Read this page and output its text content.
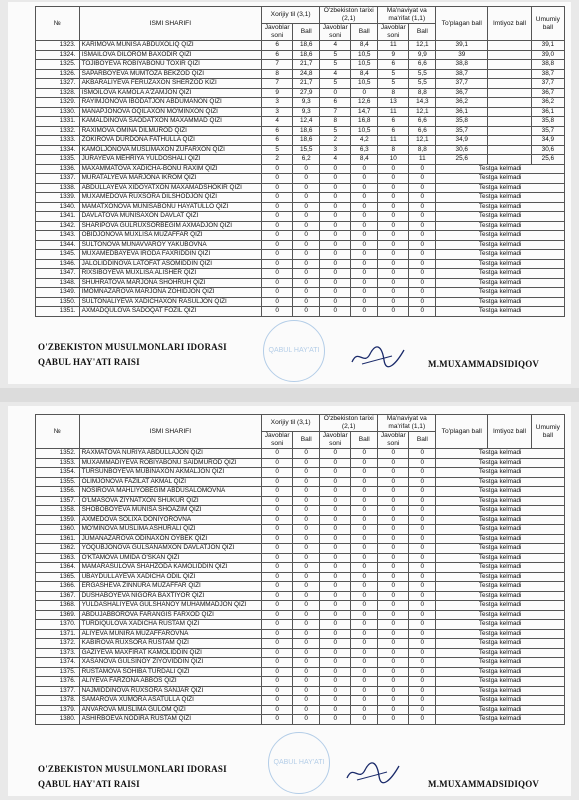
№	ISMI SHARIFI	Xorijiy til (3,1)		O'zbekiston tarixi (2,1)		Ma'naviyat va ma'rifat (1,1)		To'plagan ball	Imtiyoz ball	Umumiy ball
		Javoblar soni	Ball	Javoblar soni	Ball	Javoblar soni	Ball			
1323.	KARIMOVA MUNISA ABDUXOLIQ QIZI	6	18,6	4	8,4	11	12,1	39,1		39,1
1324.	ISMAILOVA DILOROM BAXODIR QIZI	6	18,6	5	10,5	9	9,9	39		39,0
1325.	TOJIBOYEVA ROBIYABONU TOXIR QIZI	7	21,7	5	10,5	6	6,6	38,8		38,8
1326.	SAPARBOYEVA MUMTOZA BEKZOD QIZI	8	24,8	4	8,4	5	5,5	38,7		38,7
1327.	AKBARALIYEVA FERUZAXON SHERZOD KIZI	7	21,7	5	10,5	5	5,5	37,7		37,7
1328.	ISMOILOVA KAMOLA A'ZAMJON QIZI	9	27,9	0	0	8	8,8	36,7		36,7
1329.	RAYIMJONOVA IBODATJON ABDUMANON QIZI	3	9,3	6	12,6	13	14,3	36,2		36,2
1330.	MANAPJONOVA OQILAXON MO'MINXON QIZI	3	9,3	7	14,7	11	12,1	36,1		36,1
1331.	KAMALDINOVA SAODATXON MAXAMMAD QIZI	4	12,4	8	16,8	6	6,6	35,8		35,8
1332.	RAXIMOVA OMINA DILMUROD QIZI	6	18,6	5	10,5	6	6,6	35,7		35,7
1333.	ZOKIROVA DURDONA FATHULLA QIZI	6	18,6	2	4,2	11	12,1	34,9		34,9
1334.	KAMOLJONOVA MUSLIMAXON ZUFARXON QIZI	5	15,5	3	6,3	8	8,8	30,6		30,6
1335.	JURAYEVA MEHRIYA YULDOSHALI QIZI	2	6,2	4	8,4	10	11	25,6		25,6
1336.	MAXAMMATOVA XADICHA-BONU RAXIM QIZI	0	0	0	0	0	0	Testga kelmadi		
1337.	MURATALYEVA MARJONA IKROM QIZI	0	0	0	0	0	0	Testga kelmadi		
1338.	ABDULLAYEVA XIDOYATXON MAXAMADSHOKIR QIZI	0	0	0	0	0	0	Testga kelmadi		
1339.	MUXAMEDOVA RUXSORA DILSHODJON QIZI	0	0	0	0	0	0	Testga kelmadi		
1340.	MAMATXONOVA MUNISABONU HAYATULLO QIZI	0	0	0	0	0	0	Testga kelmadi		
1341.	DAVLATOVA MUNISAXON DAVLAT QIZI	0	0	0	0	0	0	Testga kelmadi		
1342.	SHARIPOVA GULRUXSORBEGIM AXMADJON QIZI	0	0	0	0	0	0	Testga kelmadi		
1343.	OBIDJONOVA MUXLISA MUZAFFAR QIZI	0	0	0	0	0	0	Testga kelmadi		
1344.	SULTONOVA MUNAVVAROY YAKUBOVNA	0	0	0	0	0	0	Testga kelmadi		
1345.	MUXAMEDBAYEVA IRODA FAXRIDDIN QIZI	0	0	0	0	0	0	Testga kelmadi		
1346.	JALOLIDDINOVA LATOFAT ASOMIDDIN QIZI	0	0	0	0	0	0	Testga kelmadi		
1347.	RIXSIBOYEVA MUXLISA ALISHER QIZI	0	0	0	0	0	0	Testga kelmadi		
1348.	SHUHRATOVA MARJONA SHOHRUH QIZI	0	0	0	0	0	0	Testga kelmadi		
1349.	IMOMNAZAROVA MARJONA ZOHIDJON QIZI	0	0	0	0	0	0	Testga kelmadi		
1350.	SULTONALIYEVA XADICHAXON RASULJON QIZI	0	0	0	0	0	0	Testga kelmadi		
1351.	AXMADQULOVA SADOQAT FOZIL QIZI	0	0	0	0	0	0	Testga kelmadi		
O'ZBEKISTON MUSULMONLARI IDORASI
QABUL HAY'ATI RAISI	M.MUXAMMADSIDIQOV
QABUL HAY'ATI
№	ISMI SHARIFI	Xorijiy til (3,1)		O'zbekiston tarixi (2,1)		Ma'naviyat va ma'rifat (1,1)		To'plagan ball	Imtiyoz ball	Umumiy ball
		Javoblar soni	Ball	Javoblar soni	Ball	Javoblar soni	Ball			
1352.	RAXMATOVA NURIYA ABDULLAJON QIZI	0	0	0	0	0	0	Testga kelmadi		
1353.	MUXAMMADIYEVA ROBIYABONU SAIDMUROD QIZI	0	0	0	0	0	0	Testga kelmadi		
1354.	TURSUNBOYEVA MUBINAXON AKMALJON QIZI	0	0	0	0	0	0	Testga kelmadi		
1355.	OLIMJONOVA FAZILAT AKMAL QIZI	0	0	0	0	0	0	Testga kelmadi		
1356.	NOSIROVA MAHLIYOBEGIM ABDUSALOMOVNA	0	0	0	0	0	0	Testga kelmadi		
1357.	O'LMASOVA ZIYNATXON SHUKUR QIZI	0	0	0	0	0	0	Testga kelmadi		
1358.	SHOBOBOYEVA MUNISA SHOAZIM QIZI	0	0	0	0	0	0	Testga kelmadi		
1359.	AXMEDOVA SOLIXA DONIYOROVNA	0	0	0	0	0	0	Testga kelmadi		
1360.	MO'MINOVA MUSLIMA ASHURALI QIZI	0	0	0	0	0	0	Testga kelmadi		
1361.	JUMANAZAROVA ODINAXON OYBEK QIZI	0	0	0	0	0	0	Testga kelmadi		
1362.	YOQUBJONOVA GULSANAMXON DAVLATJON QIZI	0	0	0	0	0	0	Testga kelmadi		
1363.	O'KTAMOVA UMIDA O'SKAN QIZI	0	0	0	0	0	0	Testga kelmadi		
1364.	MAMARASULOVA SHAHZODA KAMOLIDDIN QIZI	0	0	0	0	0	0	Testga kelmadi		
1365.	UBAYDULLAYEVA XADICHA ODIL QIZI	0	0	0	0	0	0	Testga kelmadi		
1366.	ERGASHEVA ZINNURA MUZAFFAR QIZI	0	0	0	0	0	0	Testga kelmadi		
1367.	DUSHABOYEVA NIGORA BAXTIYOR QIZI	0	0	0	0	0	0	Testga kelmadi		
1368.	YULDASHALIYEVA GULSHANOY MUHAMMADJON QIZI	0	0	0	0	0	0	Testga kelmadi		
1369.	ABDUJABBOROVA FARANGIS FARXOD QIZI	0	0	0	0	0	0	Testga kelmadi		
1370.	TURDIQULOVA XADICHA RUSTAM QIZI	0	0	0	0	0	0	Testga kelmadi		
1371.	ALIYEVA MUNIRA MUZAFFAROVNA	0	0	0	0	0	0	Testga kelmadi		
1372.	KABIROVA RUXSORA RUSTAM QIZI	0	0	0	0	0	0	Testga kelmadi		
1373.	GAZIYEVA MAXFIRAT KAMOLIDDIN QIZI	0	0	0	0	0	0	Testga kelmadi		
1374.	XASANOVA GULSINOY ZIYOVIDDIN QIZI	0	0	0	0	0	0	Testga kelmadi		
1375.	RUSTAMOVA SOHIBA TURDALI QIZI	0	0	0	0	0	0	Testga kelmadi		
1376.	ALIYEVA FARZONA ABBOS QIZI	0	0	0	0	0	0	Testga kelmadi		
1377.	NAJMIDDINOVA RUXSORA SANJAR QIZI	0	0	0	0	0	0	Testga kelmadi		
1378.	SAMAROVA XUMORA ASATULLA QIZI	0	0	0	0	0	0	Testga kelmadi		
1379.	ANVAROVA MUSLIMA GULOM QIZI	0	0	0	0	0	0	Testga kelmadi		
1380.	ASHIRBOEVA NODIRA RUSTAM QIZI	0	0	0	0	0	0	Testga kelmadi		
O'ZBEKISTON MUSULMONLARI IDORASI
QABUL HAY'ATI RAISI	M.MUXAMMADSIDIQOV
QABUL HAY'ATI
